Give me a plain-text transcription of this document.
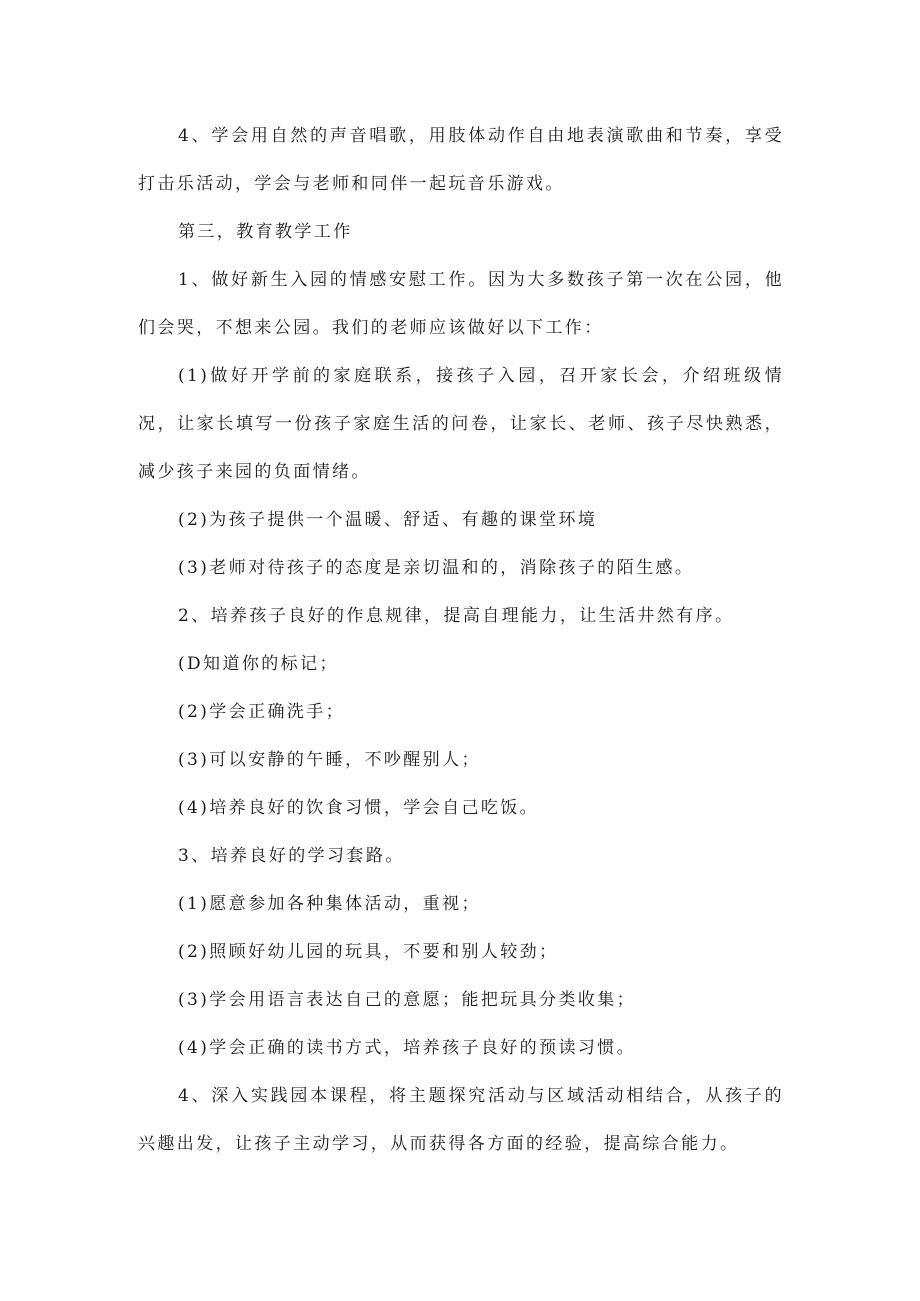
4、学会用自然的声音唱歌，用肢体动作自由地表演歌曲和节奏，享受打击乐活动，学会与老师和同伴一起玩音乐游戏。

第三，教育教学工作

1、做好新生入园的情感安慰工作。因为大多数孩子第一次在公园，他们会哭，不想来公园。我们的老师应该做好以下工作：

(1)做好开学前的家庭联系，接孩子入园，召开家长会，介绍班级情况，让家长填写一份孩子家庭生活的问卷，让家长、老师、孩子尽快熟悉，减少孩子来园的负面情绪。

(2)为孩子提供一个温暖、舒适、有趣的课堂环境

(3)老师对待孩子的态度是亲切温和的，消除孩子的陌生感。

2、培养孩子良好的作息规律，提高自理能力，让生活井然有序。

(D知道你的标记；

(2)学会正确洗手；

(3)可以安静的午睡，不吵醒别人；

(4)培养良好的饮食习惯，学会自己吃饭。

3、培养良好的学习套路。

(1)愿意参加各种集体活动，重视；

(2)照顾好幼儿园的玩具，不要和别人较劲；

(3)学会用语言表达自己的意愿；能把玩具分类收集；

(4)学会正确的读书方式，培养孩子良好的预读习惯。

4、深入实践园本课程，将主题探究活动与区域活动相结合，从孩子的兴趣出发，让孩子主动学习，从而获得各方面的经验，提高综合能力。
